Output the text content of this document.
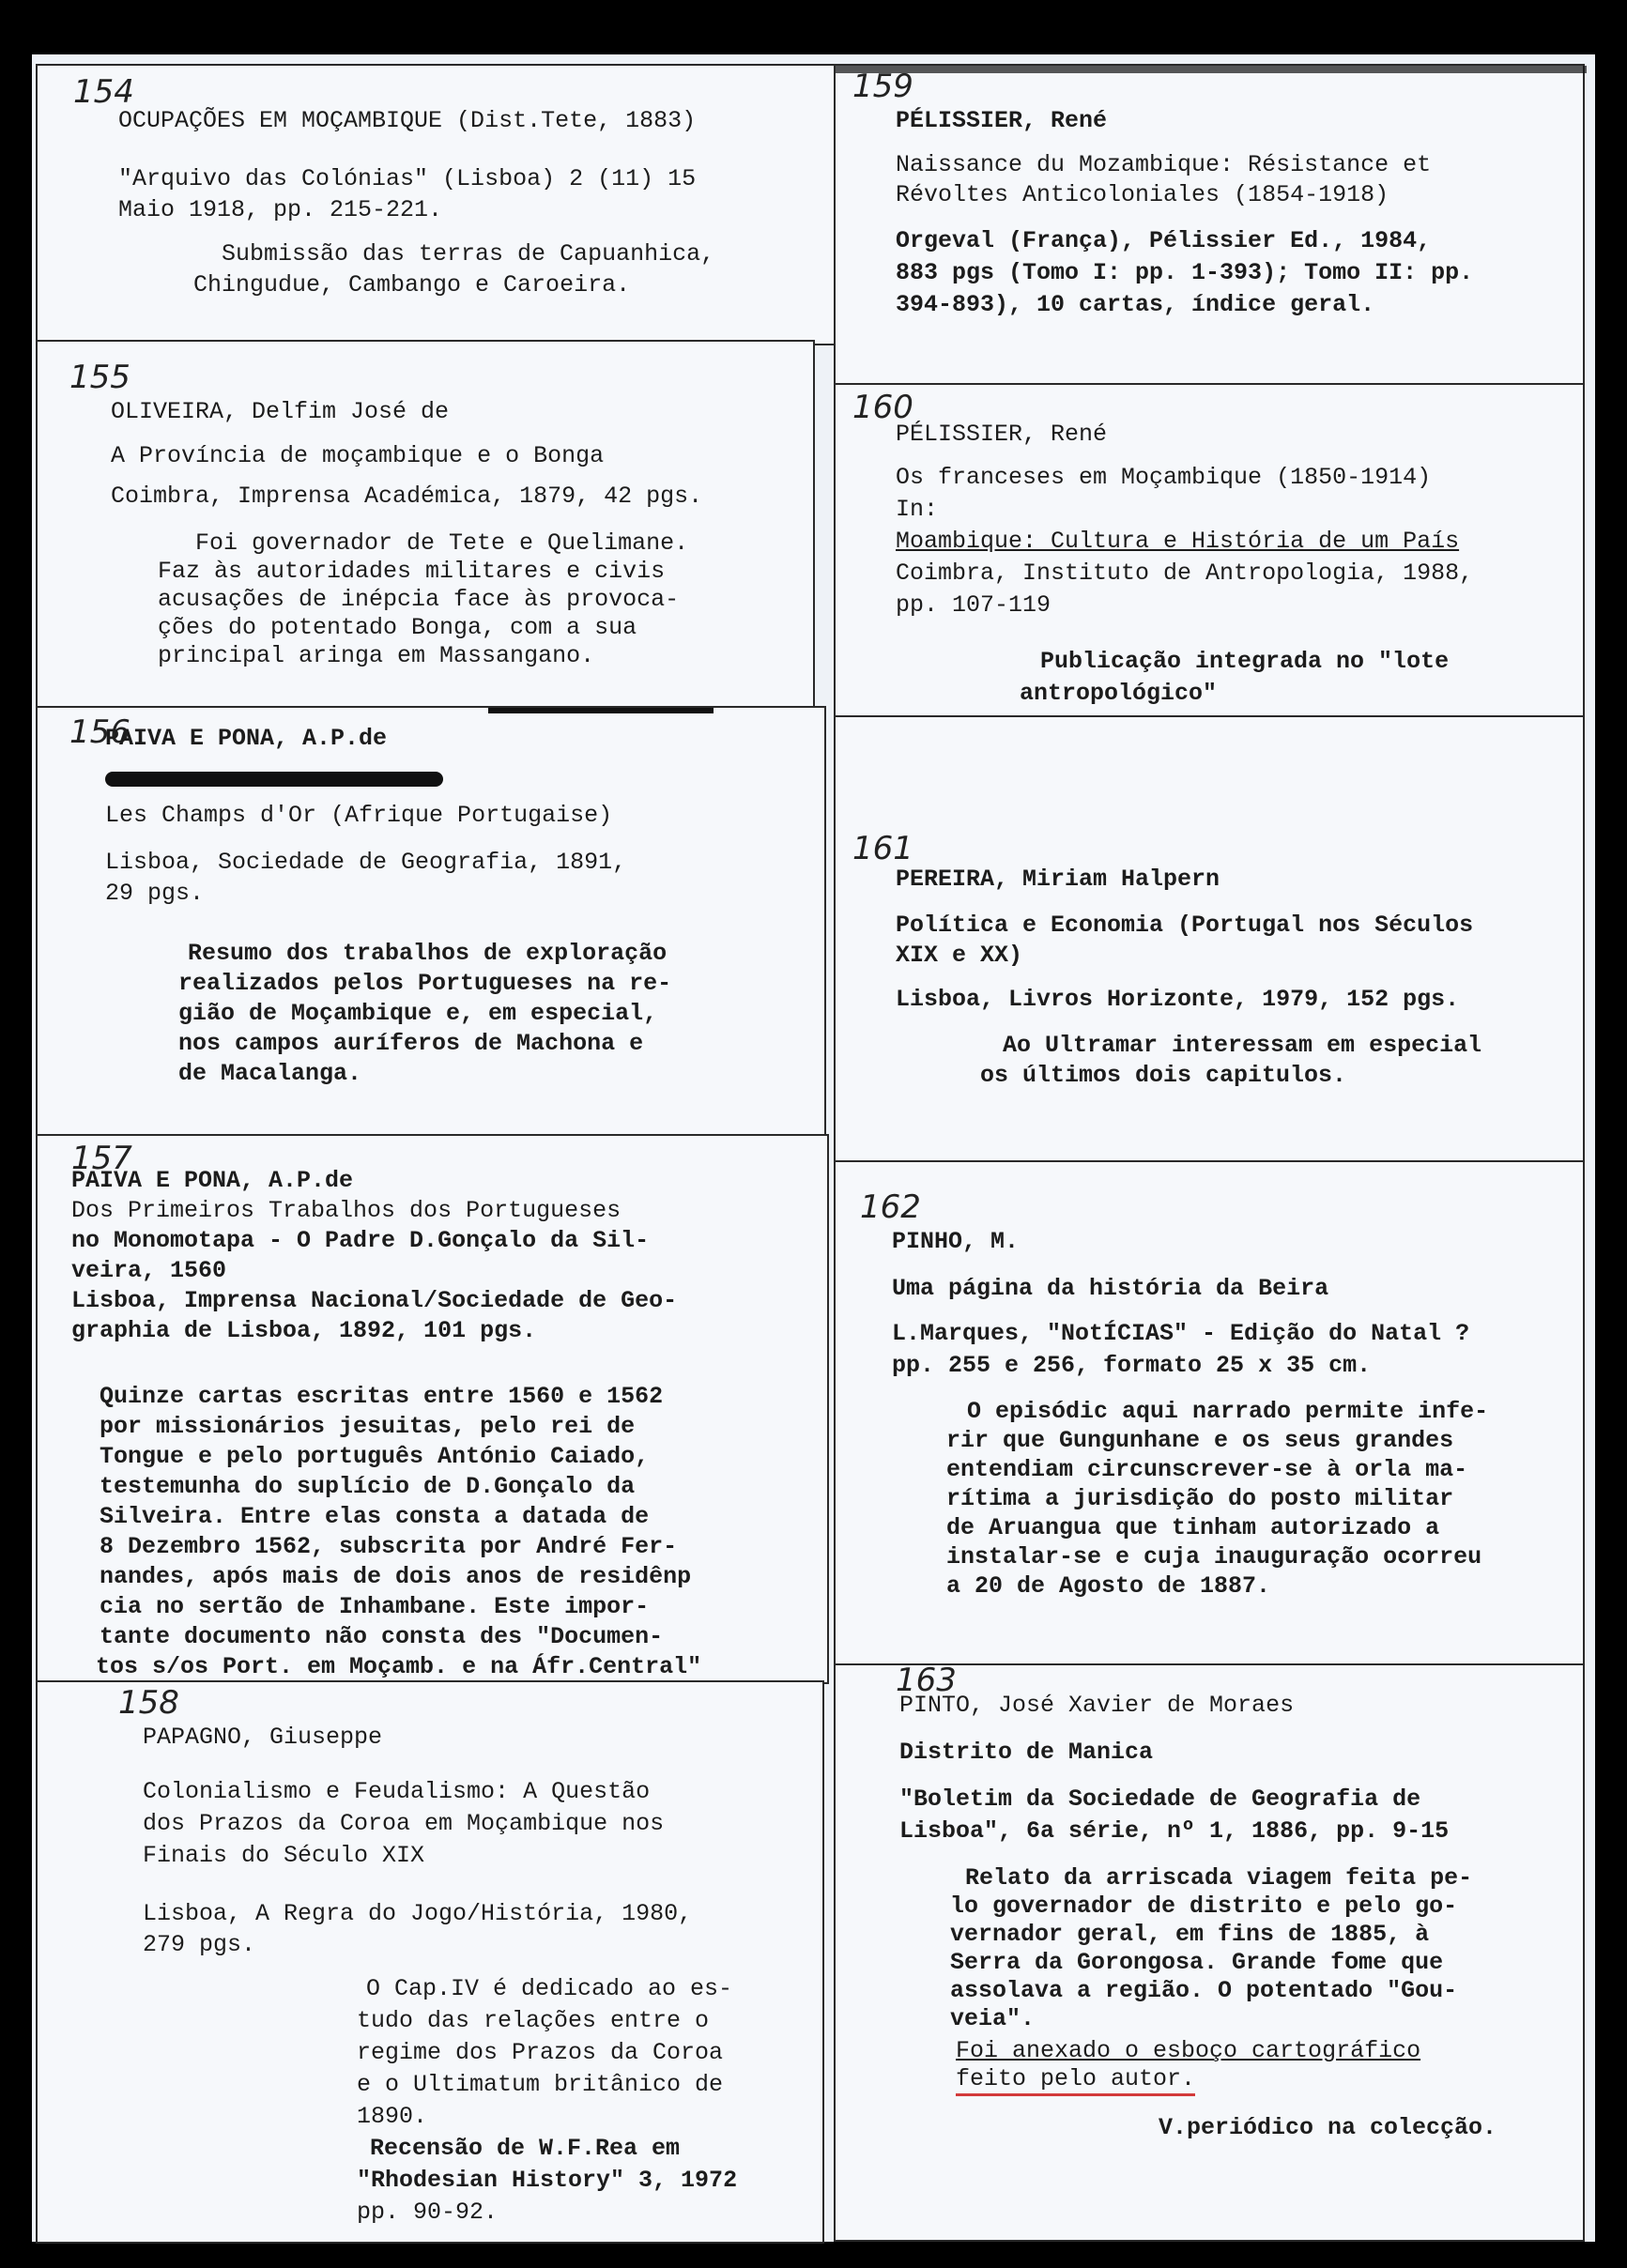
154
OCUPAÇÕES EM MOÇAMBIQUE (Dist.Tete, 1883)
"Arquivo das Colónias" (Lisboa) 2 (11) 15
Maio 1918, pp. 215-221.
Submissão das terras de Capuanhica,
Chingudue, Cambango e Caroeira.
155
OLIVEIRA, Delfim José de
A Província de moçambique e o Bonga
Coimbra, Imprensa Académica, 1879, 42 pgs.
Foi governador de Tete e Quelimane.
Faz às autoridades militares e civis
acusações de inépcia face às provoca-
ções do potentado Bonga, com a sua
principal aringa em Massangano.
156
PAIVA E PONA, A.P.de
Les Champs d'Or (Afrique Portugaise)
Lisboa, Sociedade de Geografia, 1891,
29 pgs.
Resumo dos trabalhos de exploração
realizados pelos Portugueses na re-
gião de Moçambique e, em especial,
nos campos auríferos de Machona e
de Macalanga.
157
PAIVA E PONA, A.P.de
Dos Primeiros Trabalhos dos Portugueses
no Monomotapa - O Padre D.Gonçalo da Sil-
veira, 1560
Lisboa, Imprensa Nacional/Sociedade de Geo-
graphia de Lisboa, 1892, 101 pgs.
Quinze cartas escritas entre 1560 e 1562
por missionários jesuitas, pelo rei de
Tongue e pelo português António Caiado,
testemunha do suplício de D.Gonçalo da
Silveira. Entre elas consta a datada de
8 Dezembro 1562, subscrita por André Fer-
nandes, após mais de dois anos de residênp
cia no sertão de Inhambane. Este impor-
tante documento não consta des "Documen-
tos s/os Port. em Moçamb. e na Áfr.Central"
158
PAPAGNO, Giuseppe
Colonialismo e Feudalismo: A Questão
dos Prazos da Coroa em Moçambique nos
Finais do Século XIX
Lisboa, A Regra do Jogo/História, 1980,
279 pgs.
O Cap.IV é dedicado ao es-
tudo das relações entre o
regime dos Prazos da Coroa
e o Ultimatum britânico de
1890.
Recensão de W.F.Rea em
"Rhodesian History" 3, 1972
pp. 90-92.
159
PÉLISSIER, René
Naissance du Mozambique: Résistance et
Révoltes Anticoloniales (1854-1918)
Orgeval (França), Pélissier Ed., 1984,
883 pgs (Tomo I: pp. 1-393); Tomo II: pp.
394-893), 10 cartas, índice geral.
160
PÉLISSIER, René
Os franceses em Moçambique (1850-1914)
In:
Moambique: Cultura e História de um País
Coimbra, Instituto de Antropologia, 1988,
pp. 107-119
Publicação integrada no "lote
antropológico"
161
PEREIRA, Miriam Halpern
Política e Economia (Portugal nos Séculos
XIX e XX)
Lisboa, Livros Horizonte, 1979, 152 pgs.
Ao Ultramar interessam em especial
os últimos dois capitulos.
162
PINHO, M.
Uma página da história da Beira
L.Marques, "NotÍCIAS" - Edição do Natal ?
pp. 255 e 256, formato 25 x 35 cm.
O episódic aqui narrado permite infe-
rir que Gungunhane e os seus grandes
entendiam circunscrever-se à orla ma-
rítima a jurisdição do posto militar
de Aruangua que tinham autorizado a
instalar-se e cuja inauguração ocorreu
a 20 de Agosto de 1887.
163
PINTO, José Xavier de Moraes
Distrito de Manica
"Boletim da Sociedade de Geografia de
Lisboa", 6a série, nº 1, 1886, pp. 9-15
Relato da arriscada viagem feita pe-
lo governador de distrito e pelo go-
vernador geral, em fins de 1885, à
Serra da Gorongosa. Grande fome que
assolava a região. O potentado "Gou-
veia".
Foi anexado o esboço cartográfico
feito pelo autor.
V.periódico na colecção.
